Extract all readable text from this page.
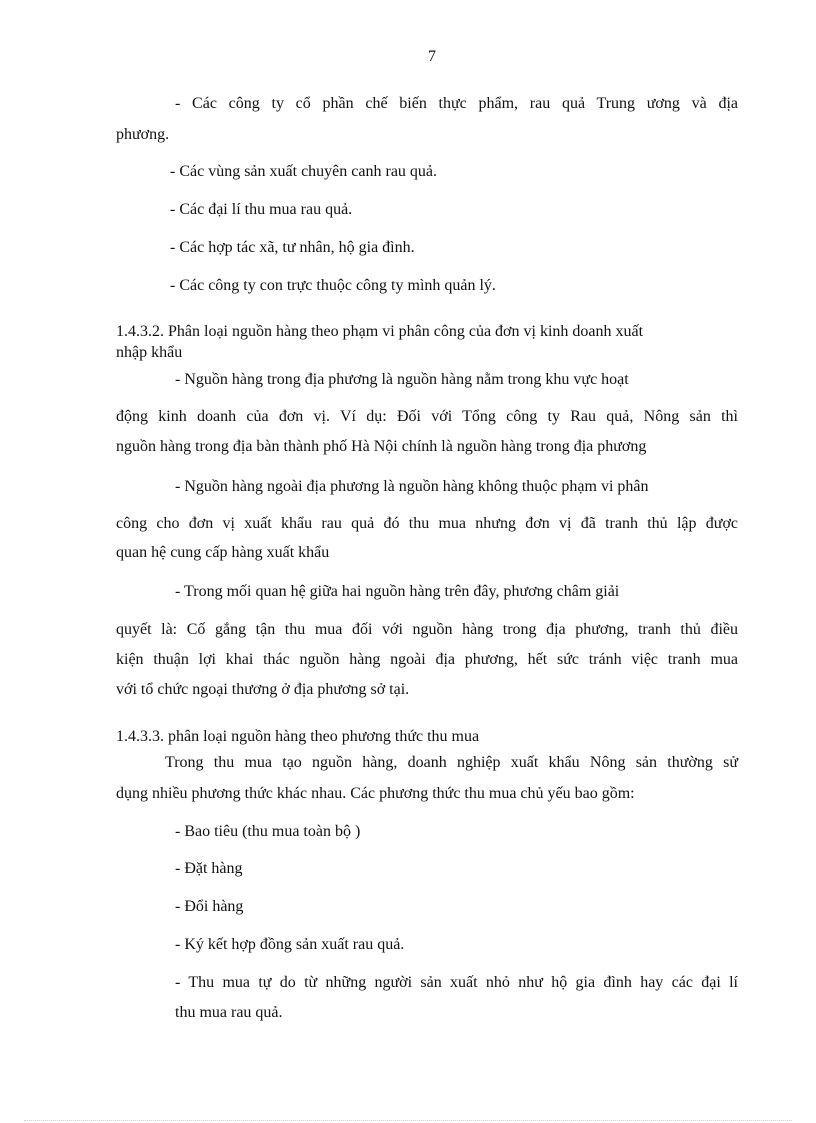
7
- Các công ty cổ phần chế biến thực phẩm, rau quả Trung ương và địa
phương.
- Các vùng sản xuất chuyên canh rau quả.
- Các đại lí thu mua rau quả.
- Các hợp tác xã, tư nhân, hộ gia đình.
- Các công ty con trực thuộc công ty mình quản lý.
1.4.3.2. Phân loại nguồn hàng theo phạm vi phân công của đơn vị kinh doanh xuất
nhập khẩu
- Nguồn hàng trong địa phương là nguồn hàng nằm trong khu vực hoạt
động kinh doanh của đơn vị. Ví dụ: Đối với Tổng công ty Rau quả, Nông sản thì
nguồn hàng trong địa bàn thành phố Hà Nội chính là nguồn hàng trong địa phương
- Nguồn hàng ngoài địa phương là nguồn hàng không thuộc phạm vi phân
công cho đơn vị xuất khẩu rau quả đó thu mua nhưng đơn vị đã tranh thủ lập được
quan hệ cung cấp hàng xuất khẩu
- Trong mối quan hệ giữa hai nguồn hàng trên đây, phương châm giải
quyết là: Cố gắng tận thu mua đối với nguồn hàng trong địa phương, tranh thủ điều
kiện thuận lợi khai thác nguồn hàng ngoài địa phương, hết sức tránh việc tranh mua
với tổ chức ngoại thương ở địa phương sở tại.
1.4.3.3. phân loại nguồn hàng theo phương thức thu mua
Trong thu mua tạo nguồn hàng, doanh nghiệp xuất khẩu Nông sản thường sử
dụng nhiều phương thức khác nhau. Các phương thức thu mua chủ yếu bao gồm:
- Bao tiêu (thu mua toàn bộ )
- Đặt hàng
- Đổi hàng
- Ký kết hợp đồng sản xuất rau quả.
- Thu mua tự do từ những người sản xuất nhỏ như hộ gia đình hay các đại lí
thu mua rau quả.
